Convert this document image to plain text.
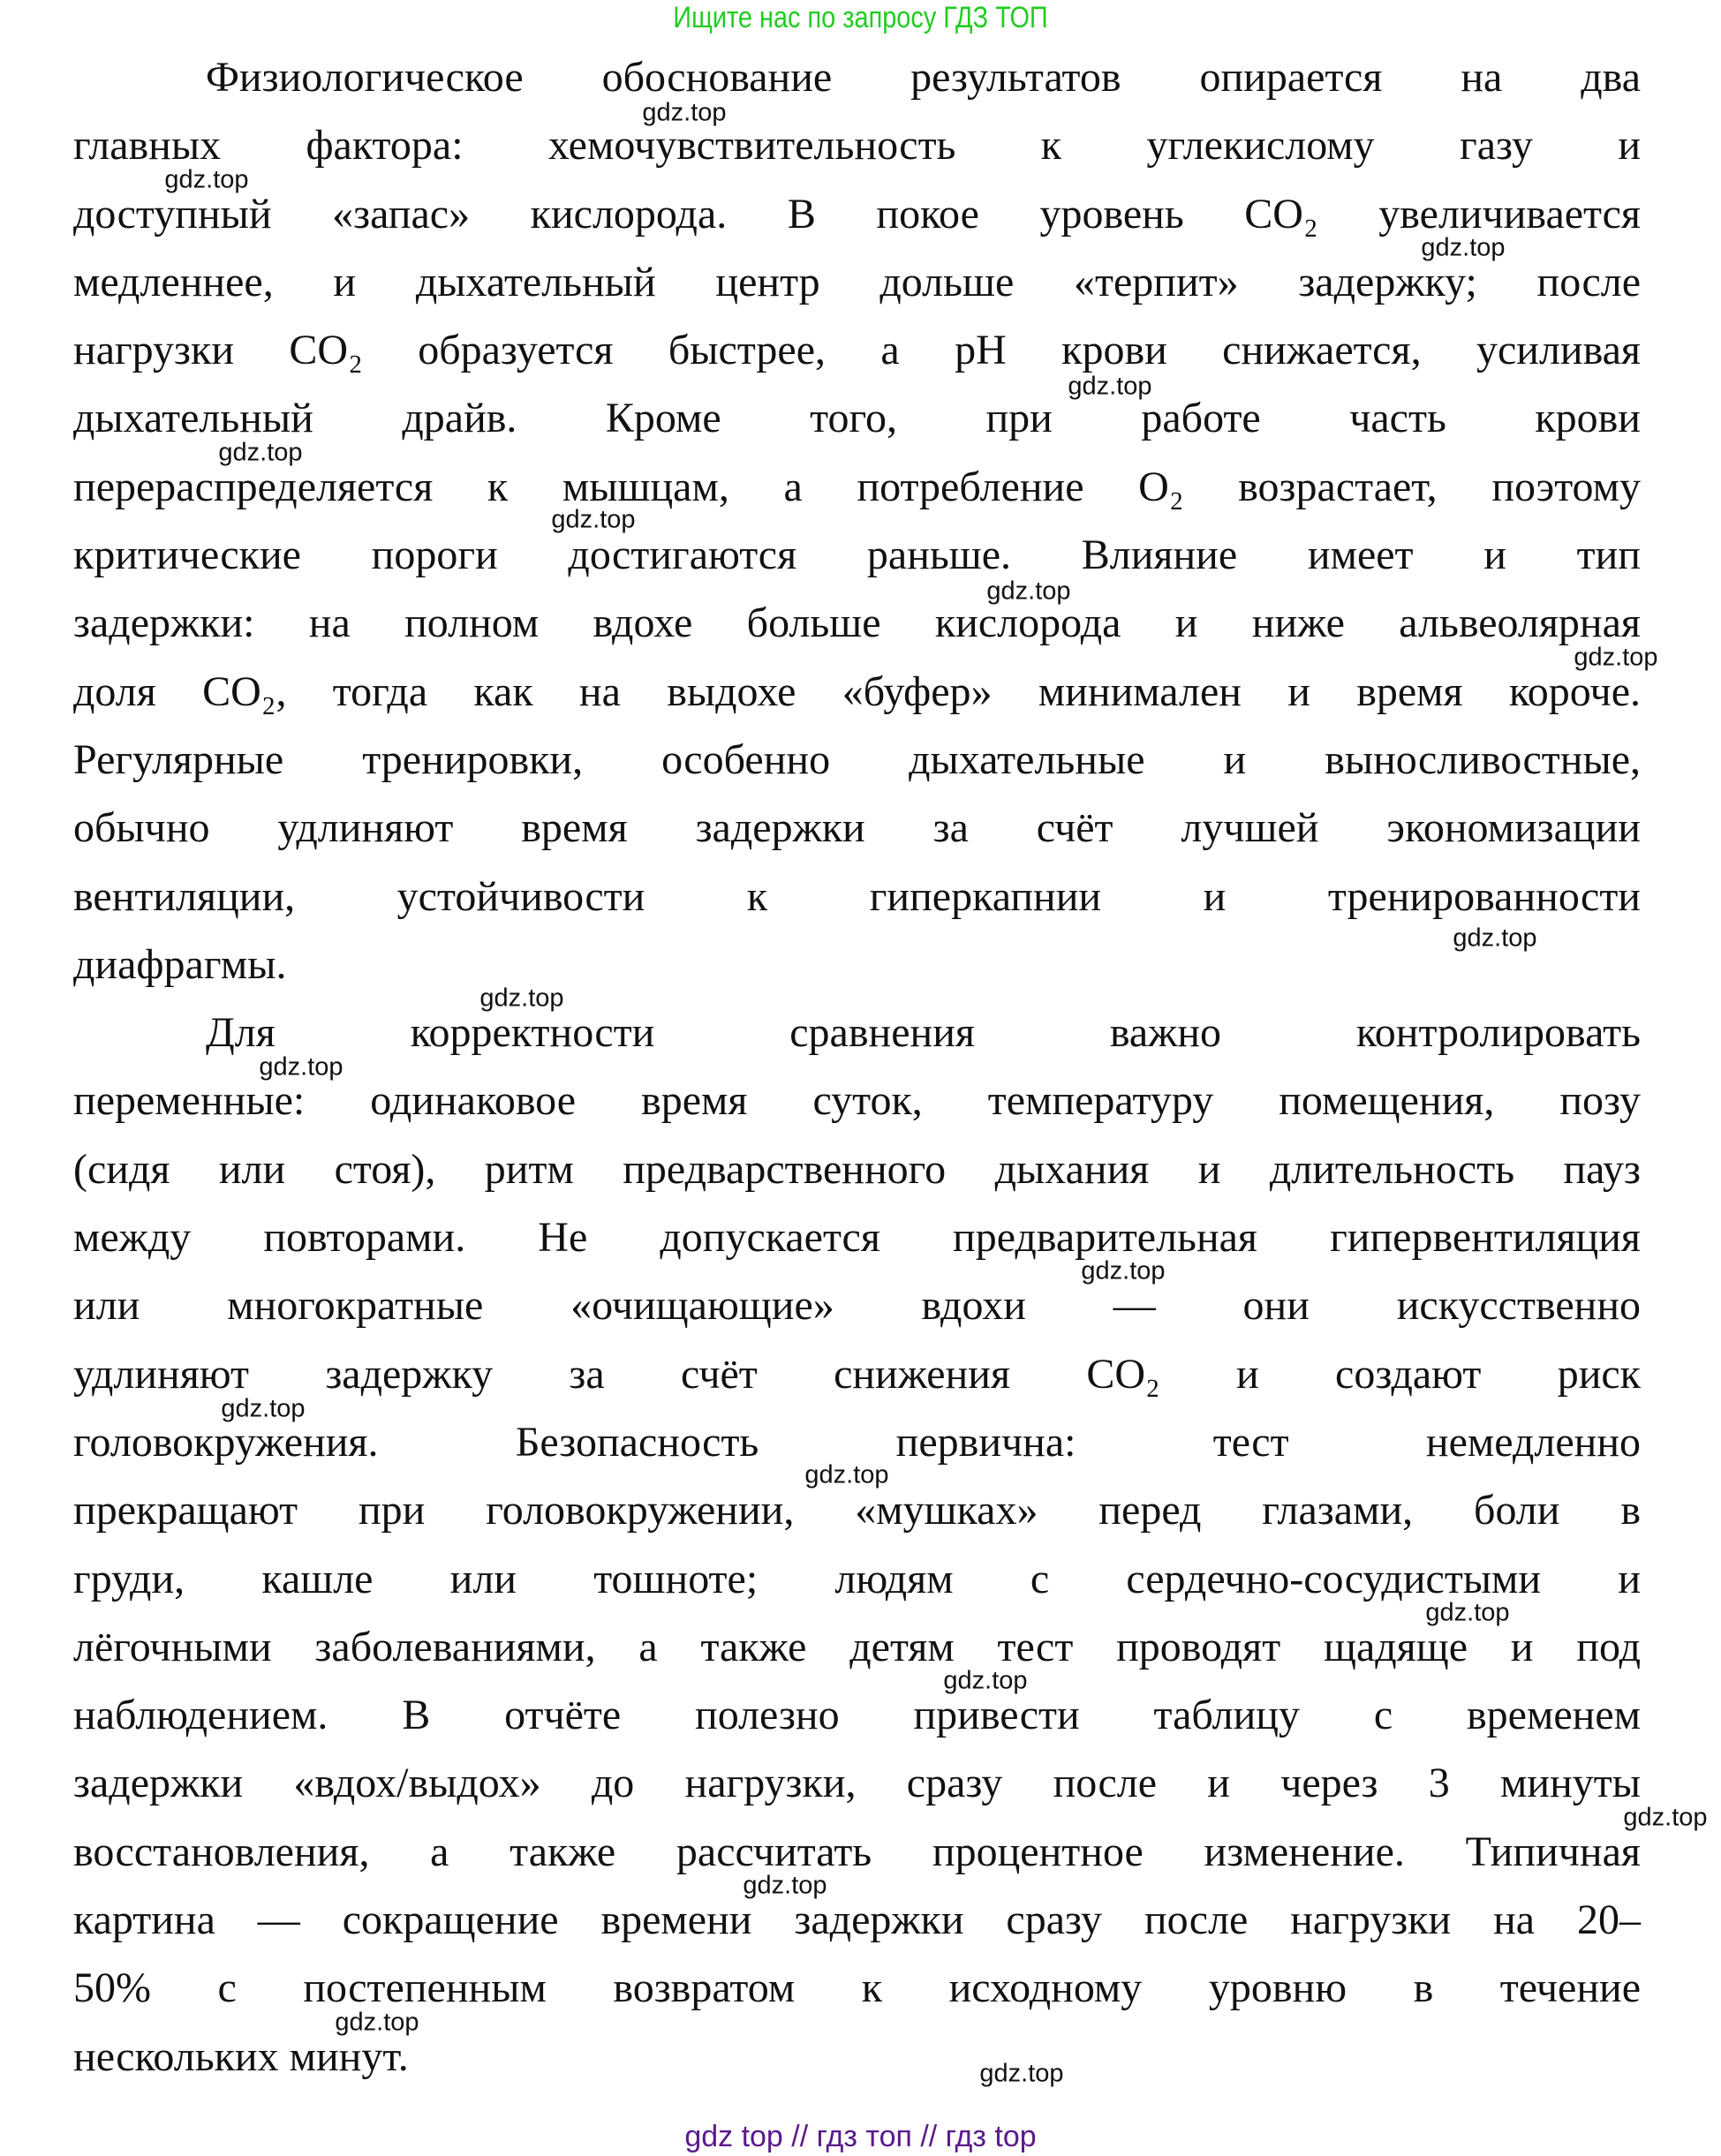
Ищите нас по запросу ГДЗ ТОП
Физиологическое обоснование результатов опирается на два
главных фактора: хемочувствительность к углекислому газу и
доступный «запас» кислорода. В покое уровень CO₂ увеличивается
медленнее, и дыхательный центр дольше «терпит» задержку; после
нагрузки CO₂ образуется быстрее, а pH крови снижается, усиливая
дыхательный драйв. Кроме того, при работе часть крови
перераспределяется к мышцам, а потребление O₂ возрастает, поэтому
критические пороги достигаются раньше. Влияние имеет и тип
задержки: на полном вдохе больше кислорода и ниже альвеолярная
доля CO₂, тогда как на выдохе «буфер» минимален и время короче.
Регулярные тренировки, особенно дыхательные и выносливостные,
обычно удлиняют время задержки за счёт лучшей экономизации
вентиляции, устойчивости к гиперкапнии и тренированности
диафрагмы.
Для корректности сравнения важно контролировать
переменные: одинаковое время суток, температуру помещения, позу
(сидя или стоя), ритм предварственного дыхания и длительность пауз
между повторами. Не допускается предварительная гипервентиляция
или многократные «очищающие» вдохи — они искусственно
удлиняют задержку за счёт снижения CO₂ и создают риск
головокружения. Безопасность первична: тест немедленно
прекращают при головокружении, «мушках» перед глазами, боли в
груди, кашле или тошноте; людям с сердечно-сосудистыми и
лёгочными заболеваниями, а также детям тест проводят щадяще и под
наблюдением. В отчёте полезно привести таблицу с временем
задержки «вдох/выдох» до нагрузки, сразу после и через 3 минуты
восстановления, а также рассчитать процентное изменение. Типичная
картина — сокращение времени задержки сразу после нагрузки на 20–
50% с постепенным возвратом к исходному уровню в течение
нескольких минут.
gdz.top
gdz.top
gdz.top
gdz.top
gdz.top
gdz.top
gdz.top
gdz.top
gdz.top
gdz.top
gdz.top
gdz.top
gdz.top
gdz.top
gdz.top
gdz.top
gdz.top
gdz.top
gdz.top
gdz.top
gdz top // гдз топ // гдз top
